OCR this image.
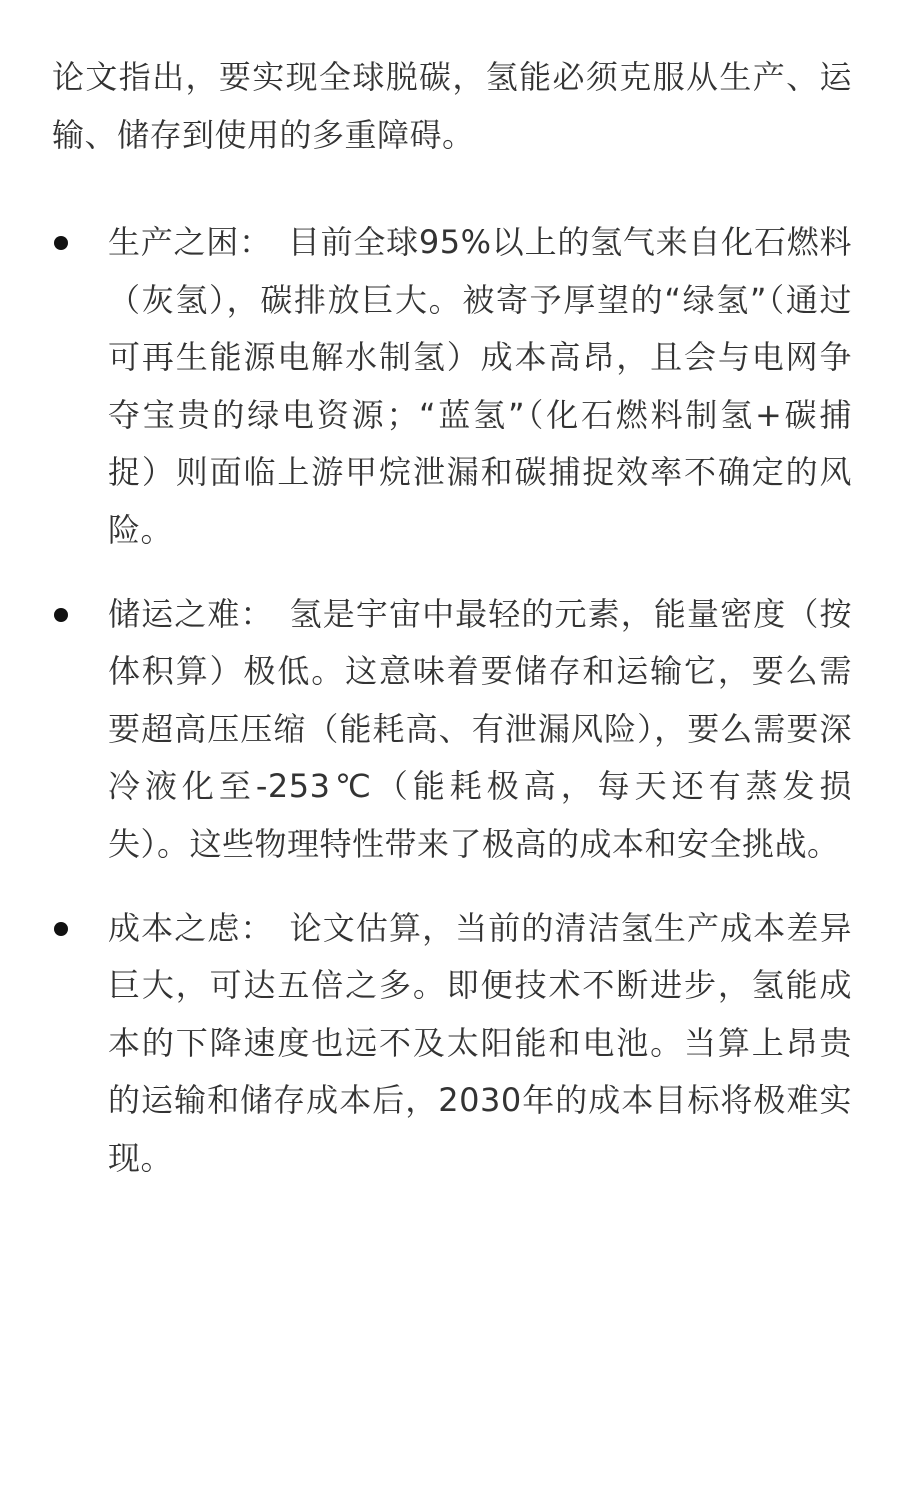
论文指出，要实现全球脱碳，氢能必须克服从生产、运输、储存到使用的多重障碍。

生产之困： 目前全球95%以上的氢气来自化石燃料（灰氢），碳排放巨大。被寄予厚望的“绿氢”（通过可再生能源电解水制氢）成本高昂，且会与电网争夺宝贵的绿电资源；“蓝氢”（化石燃料制氢+碳捕捉）则面临上游甲烷泄漏和碳捕捉效率不确定的风险。
储运之难： 氢是宇宙中最轻的元素，能量密度（按体积算）极低。这意味着要储存和运输它，要么需要超高压压缩（能耗高、有泄漏风险），要么需要深冷液化至-253℃（能耗极高，每天还有蒸发损失）。这些物理特性带来了极高的成本和安全挑战。
成本之虑： 论文估算，当前的清洁氢生产成本差异巨大，可达五倍之多。即便技术不断进步，氢能成本的下降速度也远不及太阳能和电池。当算上昂贵的运输和储存成本后，2030年的成本目标将极难实现。
